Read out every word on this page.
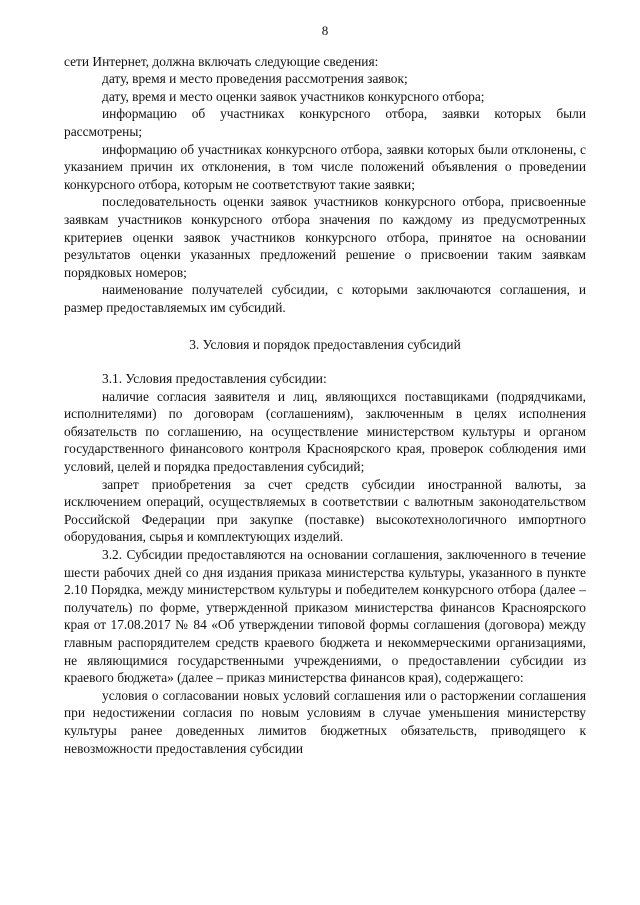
8

сети Интернет, должна включать следующие сведения:

дату, время и место проведения рассмотрения заявок;

дату, время и место оценки заявок участников конкурсного отбора;

информацию об участниках конкурсного отбора, заявки которых были рассмотрены;

информацию об участниках конкурсного отбора, заявки которых были отклонены, с указанием причин их отклонения, в том числе положений объявления о проведении конкурсного отбора, которым не соответствуют такие заявки;

последовательность оценки заявок участников конкурсного отбора, присвоенные заявкам участников конкурсного отбора значения по каждому из предусмотренных критериев оценки заявок участников конкурсного отбора, принятое на основании результатов оценки указанных предложений решение о присвоении таким заявкам порядковых номеров;

наименование получателей субсидии, с которыми заключаются соглашения, и размер предоставляемых им субсидий.

3. Условия и порядок предоставления субсидий

3.1. Условия предоставления субсидии:

наличие согласия заявителя и лиц, являющихся поставщиками (подрядчиками, исполнителями) по договорам (соглашениям), заключенным в целях исполнения обязательств по соглашению, на осуществление министерством культуры и органом государственного финансового контроля Красноярского края, проверок соблюдения ими условий, целей и порядка предоставления субсидий;

запрет приобретения за счет средств субсидии иностранной валюты, за исключением операций, осуществляемых в соответствии с валютным законодательством Российской Федерации при закупке (поставке) высокотехнологичного импортного оборудования, сырья и комплектующих изделий.

3.2. Субсидии предоставляются на основании соглашения, заключенного в течение шести рабочих дней со дня издания приказа министерства культуры, указанного в пункте 2.10 Порядка, между министерством культуры и победителем конкурсного отбора (далее – получатель) по форме, утвержденной приказом министерства финансов Красноярского края от 17.08.2017 № 84 «Об утверждении типовой формы соглашения (договора) между главным распорядителем средств краевого бюджета и некоммерческими организациями, не являющимися государственными учреждениями, о предоставлении субсидии из краевого бюджета» (далее – приказ министерства финансов края), содержащего:

условия о согласовании новых условий соглашения или о расторжении соглашения при недостижении согласия по новым условиям в случае уменьшения министерству культуры ранее доведенных лимитов бюджетных обязательств, приводящего к невозможности предоставления субсидии
